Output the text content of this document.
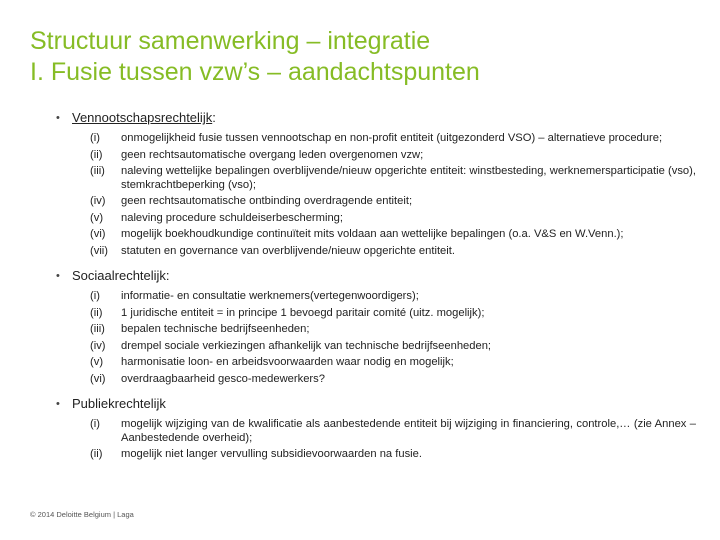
Structuur samenwerking – integratie
I. Fusie tussen vzw’s – aandachtspunten
• Vennootschapsrechtelijk:
(i)	onmogelijkheid fusie tussen vennootschap en non-profit entiteit (uitgezonderd VSO) – alternatieve procedure;
(ii)	geen rechtsautomatische overgang leden overgenomen vzw;
(iii)	naleving wettelijke bepalingen overblijvende/nieuw opgerichte entiteit: winstbesteding, werknemersparticipatie (vso), stemkrachtbeperking (vso);
(iv)	geen rechtsautomatische ontbinding overdragende entiteit;
(v)	naleving procedure schuldeiserbescherming;
(vi)	mogelijk boekhoudkundige continuïteit mits voldaan aan wettelijke bepalingen (o.a. V&S en W.Venn.);
(vii)	statuten en governance van overblijvende/nieuw opgerichte entiteit.
• Sociaalrechtelijk:
(i)	informatie- en consultatie werknemers(vertegenwoordigers);
(ii)	1 juridische entiteit = in principe 1 bevoegd paritair comité (uitz. mogelijk);
(iii)	bepalen technische bedrijfseenheden;
(iv)	drempel sociale verkiezingen afhankelijk van technische bedrijfseenheden;
(v)	harmonisatie loon- en arbeidsvoorwaarden waar nodig en mogelijk;
(vi)	overdraagbaarheid gesco-medewerkers?
• Publiekrechtelijk
(i)	mogelijk wijziging van de kwalificatie als aanbestedende entiteit bij wijziging in financiering, controle,… (zie Annex – Aanbestedende overheid);
(ii)	mogelijk niet langer vervulling subsidievoorwaarden na fusie.
© 2014 Deloitte Belgium | Laga
